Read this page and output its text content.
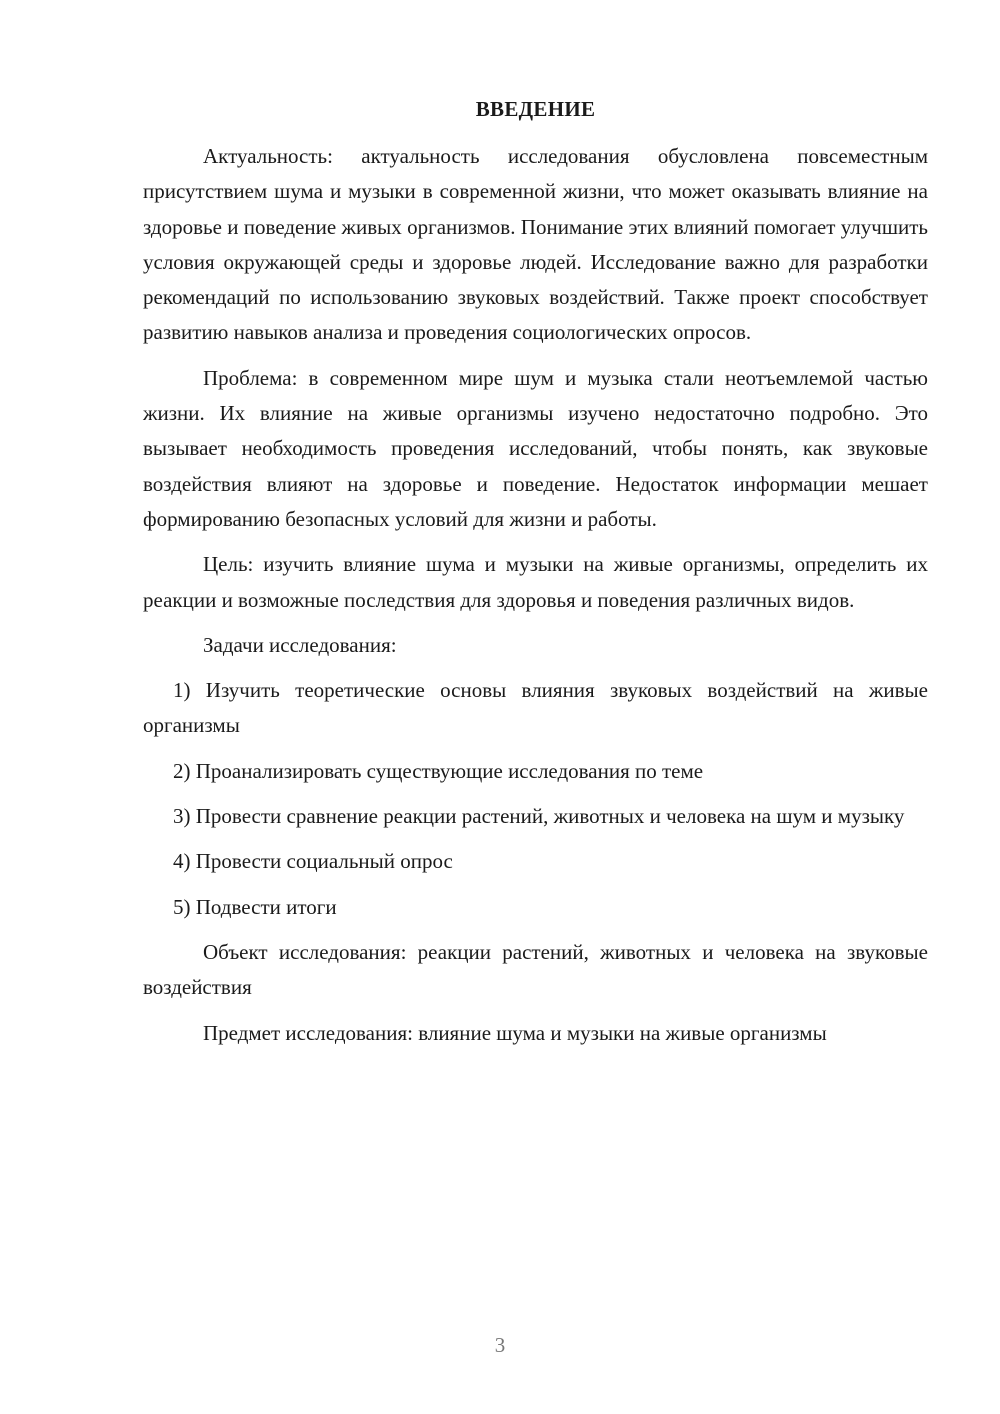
ВВЕДЕНИЕ

Актуальность: актуальность исследования обусловлена повсеместным присутствием шума и музыки в современной жизни, что может оказывать влияние на здоровье и поведение живых организмов. Понимание этих влияний помогает улучшить условия окружающей среды и здоровье людей. Исследование важно для разработки рекомендаций по использованию звуковых воздействий. Также проект способствует развитию навыков анализа и проведения социологических опросов.

Проблема: в современном мире шум и музыка стали неотъемлемой частью жизни. Их влияние на живые организмы изучено недостаточно подробно. Это вызывает необходимость проведения исследований, чтобы понять, как звуковые воздействия влияют на здоровье и поведение. Недостаток информации мешает формированию безопасных условий для жизни и работы.

Цель: изучить влияние шума и музыки на живые организмы, определить их реакции и возможные последствия для здоровья и поведения различных видов.

Задачи исследования:

1) Изучить теоретические основы влияния звуковых воздействий на живые организмы

2) Проанализировать существующие исследования по теме

3) Провести сравнение реакции растений, животных и человека на шум и музыку

4) Провести социальный опрос

5) Подвести итоги

Объект исследования: реакции растений, животных и человека на звуковые воздействия

Предмет исследования: влияние шума и музыки на живые организмы

3
